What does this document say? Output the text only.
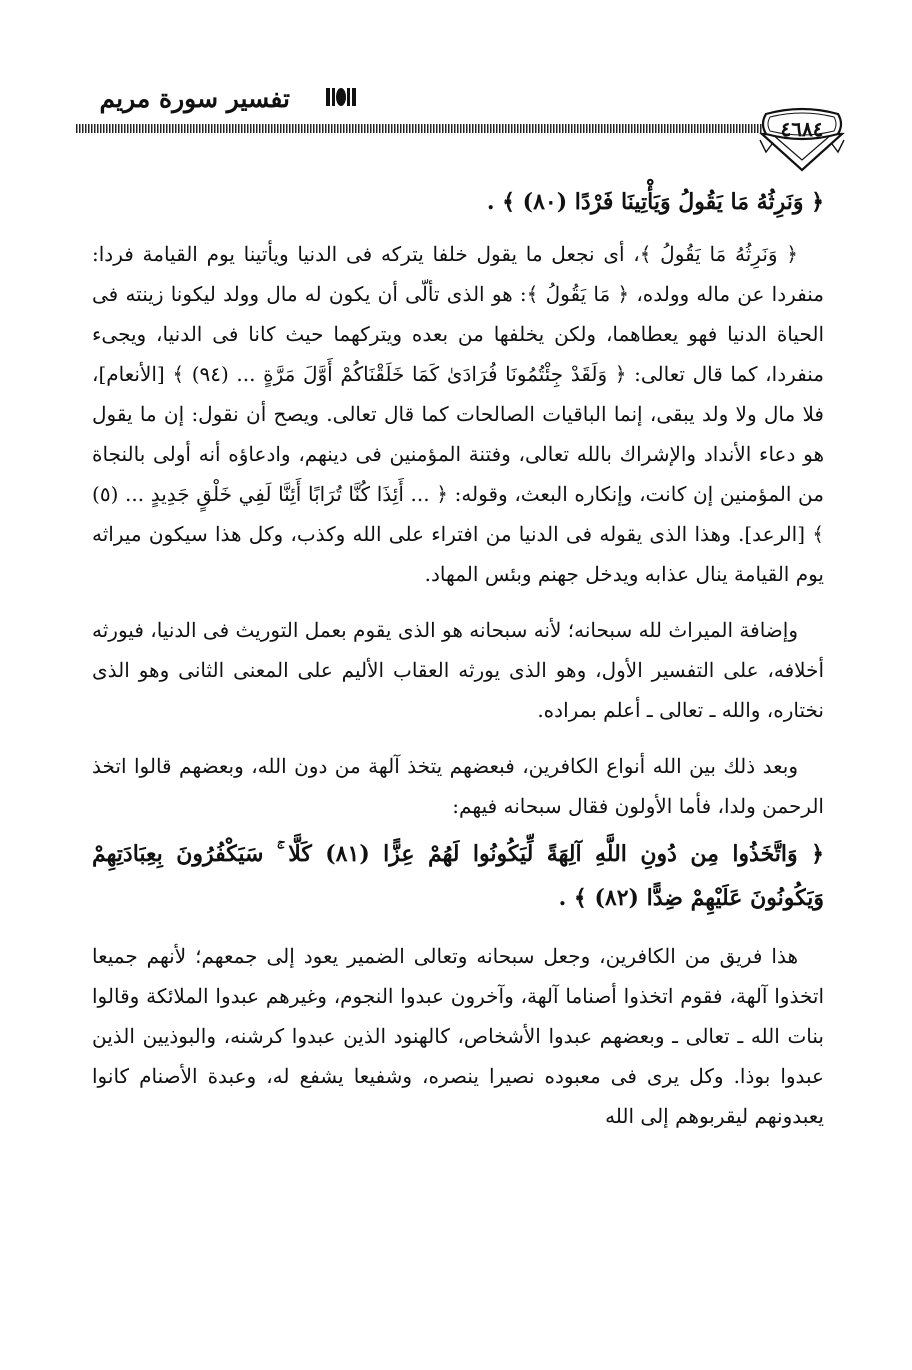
تفسير سورة مريم
٤٦٨٤

﴿ وَنَرِثُهُ مَا يَقُولُ وَيَأْتِينَا فَرْدًا (٨٠) ﴾ .

﴿ وَنَرِثُهُ مَا يَقُولُ ﴾، أى نجعل ما يقول خلفا يتركه فى الدنيا ويأتينا يوم القيامة فردا: منفردا عن ماله وولده، ﴿ مَا يَقُولُ ﴾: هو الذى تألّى أن يكون له مال وولد ليكونا زينته فى الحياة الدنيا فهو يعطاهما، ولكن يخلفها من بعده ويتركهما حيث كانا فى الدنيا، ويجىء منفردا، كما قال تعالى: ﴿ وَلَقَدْ جِئْتُمُونَا فُرَادَىٰ كَمَا خَلَقْنَاكُمْ أَوَّلَ مَرَّةٍ ... (٩٤) ﴾ [الأنعام]، فلا مال ولا ولد يبقى، إنما الباقيات الصالحات كما قال تعالى. ويصح أن نقول: إن ما يقول هو دعاء الأنداد والإشراك بالله تعالى، وفتنة المؤمنين فى دينهم، وادعاؤه أنه أولى بالنجاة من المؤمنين إن كانت، وإنكاره البعث، وقوله: ﴿ ... أَئِذَا كُنَّا تُرَابًا أَئِنَّا لَفِي خَلْقٍ جَدِيدٍ ... (٥) ﴾ [الرعد]. وهذا الذى يقوله فى الدنيا من افتراء على الله وكذب، وكل هذا سيكون ميراثه يوم القيامة ينال عذابه ويدخل جهنم وبئس المهاد.

وإضافة الميراث لله سبحانه؛ لأنه سبحانه هو الذى يقوم بعمل التوريث فى الدنيا، فيورثه أخلافه، على التفسير الأول، وهو الذى يورثه العقاب الأليم على المعنى الثانى وهو الذى نختاره، والله ـ تعالى ـ أعلم بمراده.

وبعد ذلك بين الله أنواع الكافرين، فبعضهم يتخذ آلهة من دون الله، وبعضهم قالوا اتخذ الرحمن ولدا، فأما الأولون فقال سبحانه فيهم:

﴿ وَاتَّخَذُوا مِن دُونِ اللَّهِ آلِهَةً لِّيَكُونُوا لَهُمْ عِزًّا (٨١) كَلَّا ۚ سَيَكْفُرُونَ بِعِبَادَتِهِمْ وَيَكُونُونَ عَلَيْهِمْ ضِدًّا (٨٢) ﴾ .

هذا فريق من الكافرين، وجعل سبحانه وتعالى الضمير يعود إلى جمعهم؛ لأنهم جميعا اتخذوا آلهة، فقوم اتخذوا أصناما آلهة، وآخرون عبدوا النجوم، وغيرهم عبدوا الملائكة وقالوا بنات الله ـ تعالى ـ وبعضهم عبدوا الأشخاص، كالهنود الذين عبدوا كرشنه، والبوذيين الذين عبدوا بوذا. وكل يرى فى معبوده نصيرا ينصره، وشفيعا يشفع له، وعبدة الأصنام كانوا يعبدونهم ليقربوهم إلى الله
